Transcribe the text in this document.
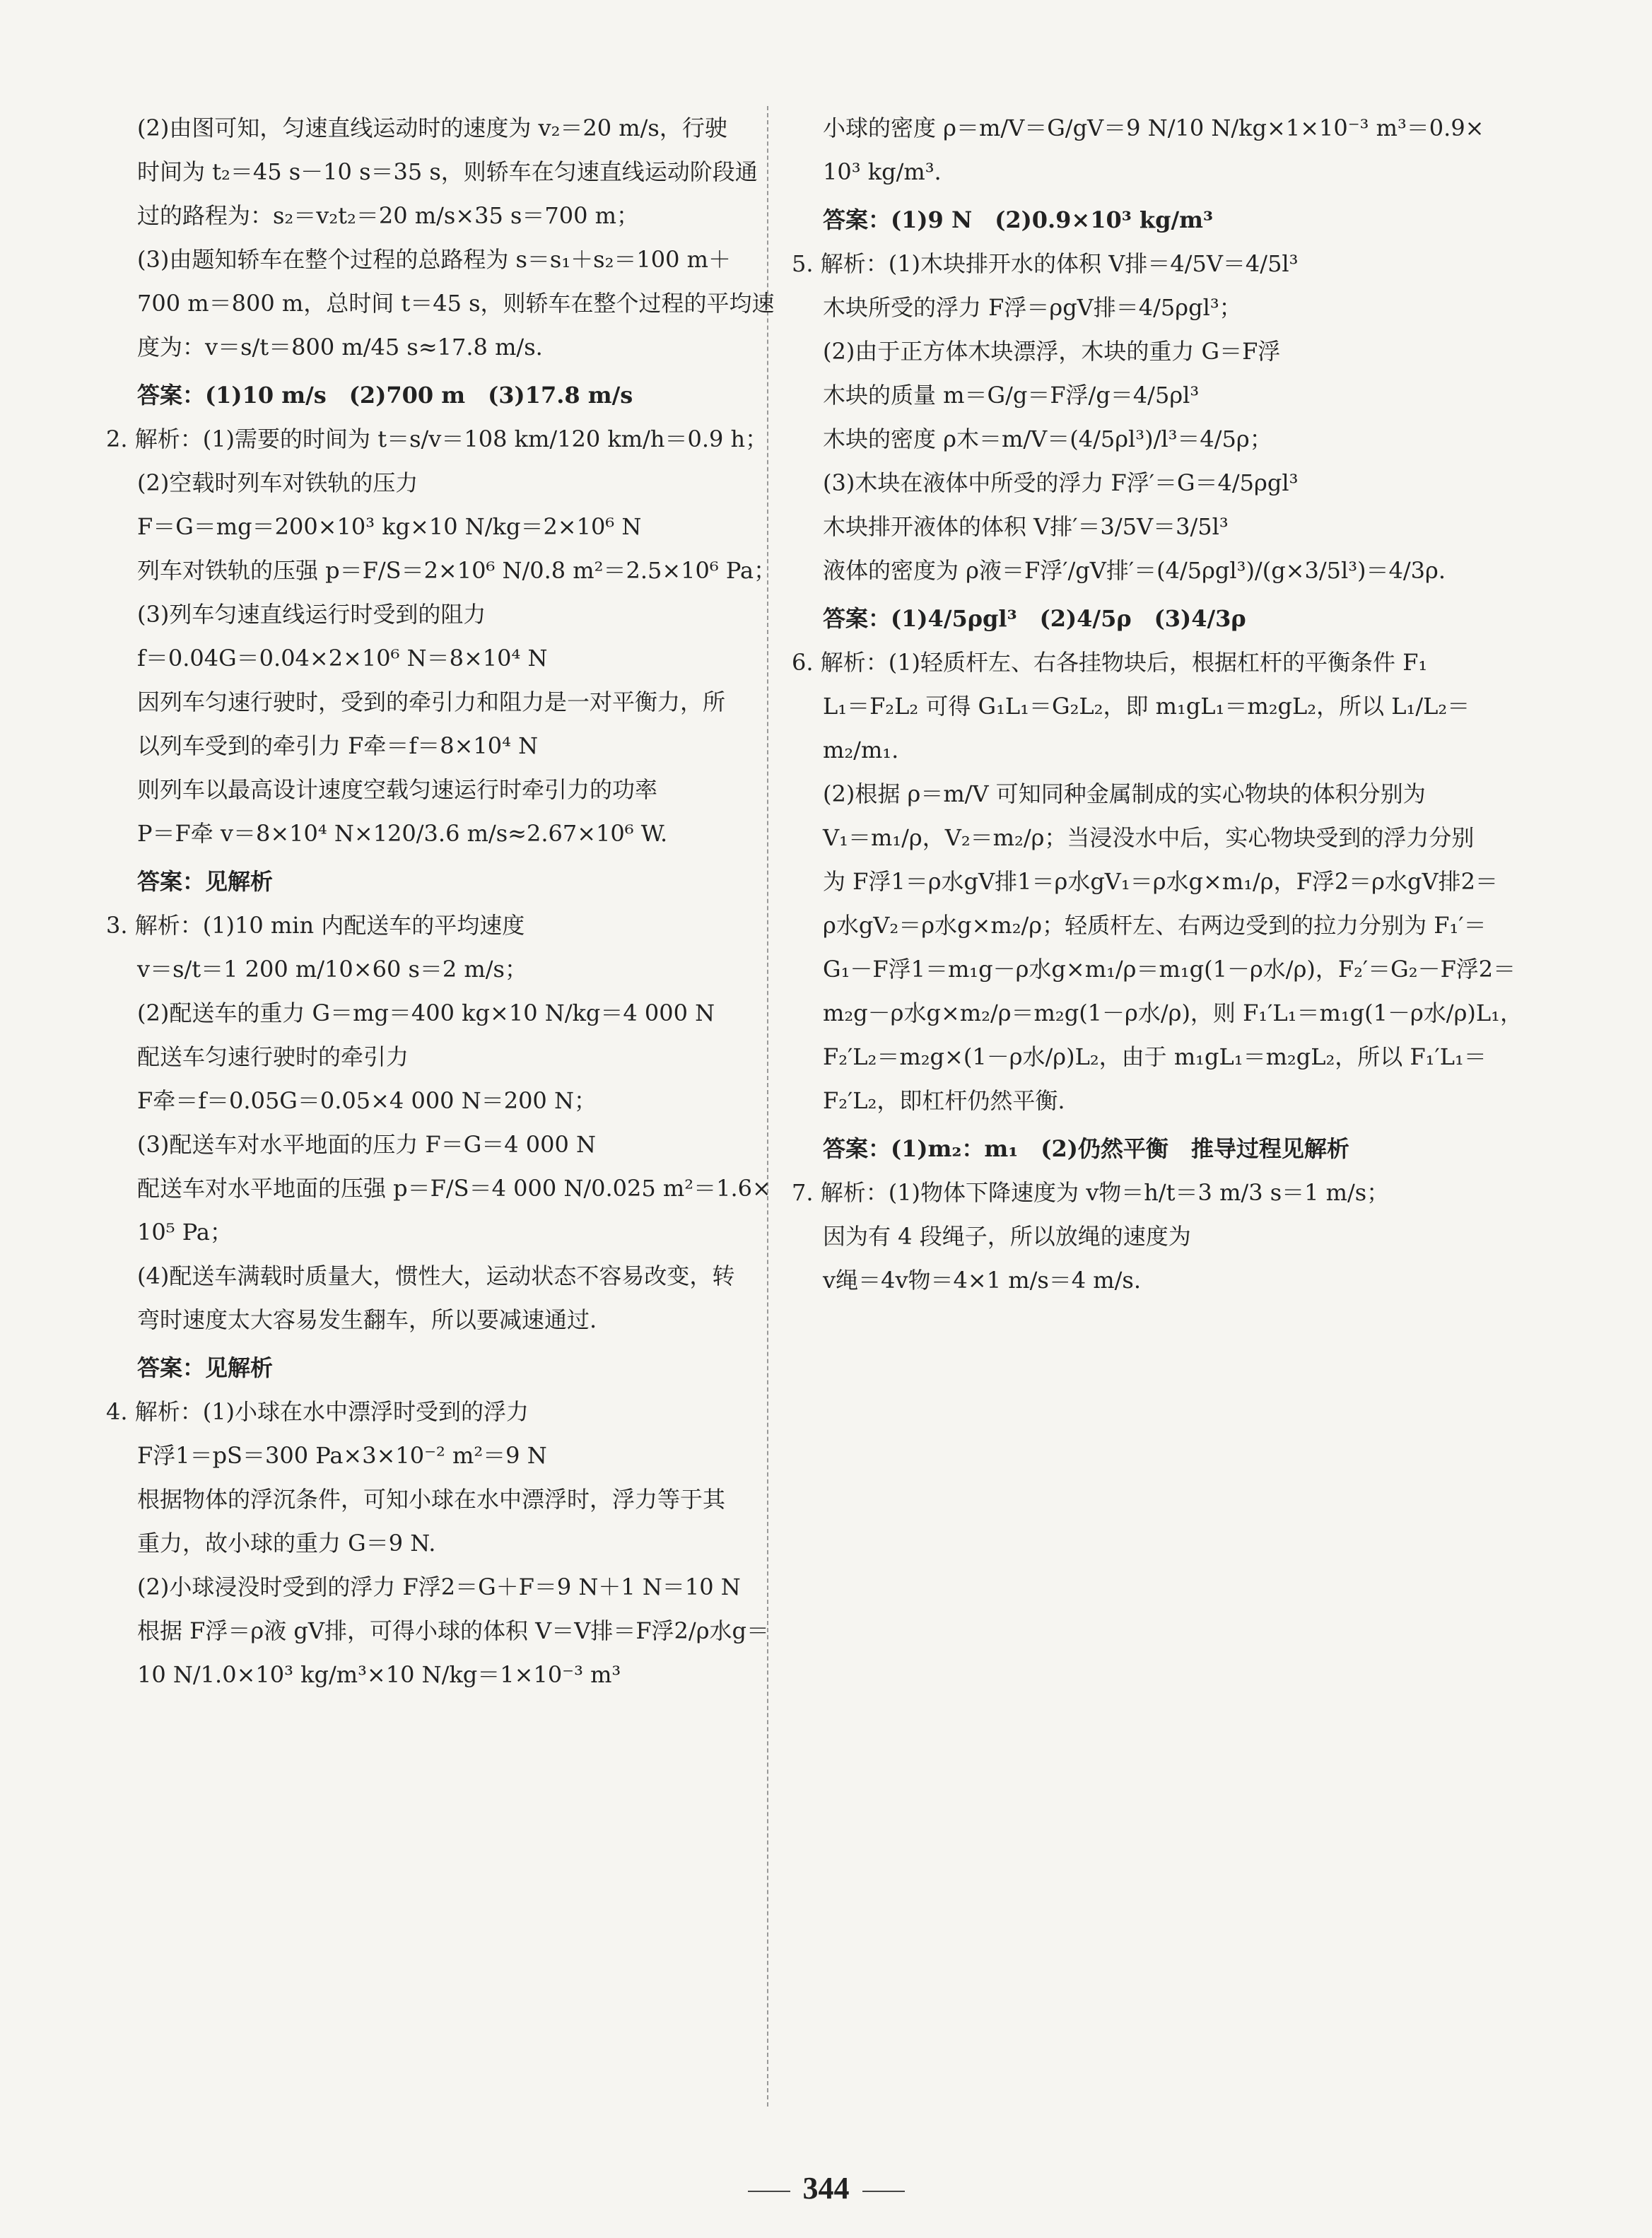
(2)由图可知，匀速直线运动时的速度为 v₂＝20 m/s，行驶
时间为 t₂＝45 s－10 s＝35 s，则轿车在匀速直线运动阶段通
过的路程为：s₂＝v₂t₂＝20 m/s×35 s＝700 m；
(3)由题知轿车在整个过程的总路程为 s＝s₁＋s₂＝100 m＋
700 m＝800 m，总时间 t＝45 s，则轿车在整个过程的平均速
度为：v＝s/t＝800 m/45 s≈17.8 m/s.
答案：(1)10 m/s　(2)700 m　(3)17.8 m/s
2. 解析：(1)需要的时间为 t＝s/v＝108 km/120 km/h＝0.9 h；
(2)空载时列车对铁轨的压力
F＝G＝mg＝200×10³ kg×10 N/kg＝2×10⁶ N
列车对铁轨的压强 p＝F/S＝2×10⁶ N/0.8 m²＝2.5×10⁶ Pa；
(3)列车匀速直线运行时受到的阻力
f＝0.04G＝0.04×2×10⁶ N＝8×10⁴ N
因列车匀速行驶时，受到的牵引力和阻力是一对平衡力，所
以列车受到的牵引力 F牵＝f＝8×10⁴ N
则列车以最高设计速度空载匀速运行时牵引力的功率
P＝F牵 v＝8×10⁴ N×120/3.6 m/s≈2.67×10⁶ W.
答案：见解析
3. 解析：(1)10 min 内配送车的平均速度
v＝s/t＝1 200 m/10×60 s＝2 m/s；
(2)配送车的重力 G＝mg＝400 kg×10 N/kg＝4 000 N
配送车匀速行驶时的牵引力
F牵＝f＝0.05G＝0.05×4 000 N＝200 N；
(3)配送车对水平地面的压力 F＝G＝4 000 N
配送车对水平地面的压强 p＝F/S＝4 000 N/0.025 m²＝1.6×
10⁵ Pa；
(4)配送车满载时质量大，惯性大，运动状态不容易改变，转
弯时速度太大容易发生翻车，所以要减速通过.
答案：见解析
4. 解析：(1)小球在水中漂浮时受到的浮力
F浮1＝pS＝300 Pa×3×10⁻² m²＝9 N
根据物体的浮沉条件，可知小球在水中漂浮时，浮力等于其
重力，故小球的重力 G＝9 N.
(2)小球浸没时受到的浮力 F浮2＝G＋F＝9 N＋1 N＝10 N
根据 F浮＝ρ液 gV排，可得小球的体积 V＝V排＝F浮2/ρ水g＝
10 N/1.0×10³ kg/m³×10 N/kg＝1×10⁻³ m³
小球的密度 ρ＝m/V＝G/gV＝9 N/10 N/kg×1×10⁻³ m³＝0.9×
10³ kg/m³.
答案：(1)9 N　(2)0.9×10³ kg/m³
5. 解析：(1)木块排开水的体积 V排＝4/5V＝4/5l³
木块所受的浮力 F浮＝ρgV排＝4/5ρgl³；
(2)由于正方体木块漂浮，木块的重力 G＝F浮
木块的质量 m＝G/g＝F浮/g＝4/5ρl³
木块的密度 ρ木＝m/V＝(4/5ρl³)/l³＝4/5ρ；
(3)木块在液体中所受的浮力 F浮′＝G＝4/5ρgl³
木块排开液体的体积 V排′＝3/5V＝3/5l³
液体的密度为 ρ液＝F浮′/gV排′＝(4/5ρgl³)/(g×3/5l³)＝4/3ρ.
答案：(1)4/5ρgl³　(2)4/5ρ　(3)4/3ρ
6. 解析：(1)轻质杆左、右各挂物块后，根据杠杆的平衡条件 F₁
L₁＝F₂L₂ 可得 G₁L₁＝G₂L₂，即 m₁gL₁＝m₂gL₂，所以 L₁/L₂＝
m₂/m₁.
(2)根据 ρ＝m/V 可知同种金属制成的实心物块的体积分别为
V₁＝m₁/ρ，V₂＝m₂/ρ；当浸没水中后，实心物块受到的浮力分别
为 F浮1＝ρ水gV排1＝ρ水gV₁＝ρ水g×m₁/ρ，F浮2＝ρ水gV排2＝
ρ水gV₂＝ρ水g×m₂/ρ；轻质杆左、右两边受到的拉力分别为 F₁′＝
G₁－F浮1＝m₁g－ρ水g×m₁/ρ＝m₁g(1－ρ水/ρ)，F₂′＝G₂－F浮2＝
m₂g－ρ水g×m₂/ρ＝m₂g(1－ρ水/ρ)，则 F₁′L₁＝m₁g(1－ρ水/ρ)L₁，
F₂′L₂＝m₂g×(1－ρ水/ρ)L₂，由于 m₁gL₁＝m₂gL₂，所以 F₁′L₁＝
F₂′L₂，即杠杆仍然平衡.
答案：(1)m₂：m₁　(2)仍然平衡　推导过程见解析
7. 解析：(1)物体下降速度为 v物＝h/t＝3 m/3 s＝1 m/s；
因为有 4 段绳子，所以放绳的速度为
v绳＝4v物＝4×1 m/s＝4 m/s.
344
